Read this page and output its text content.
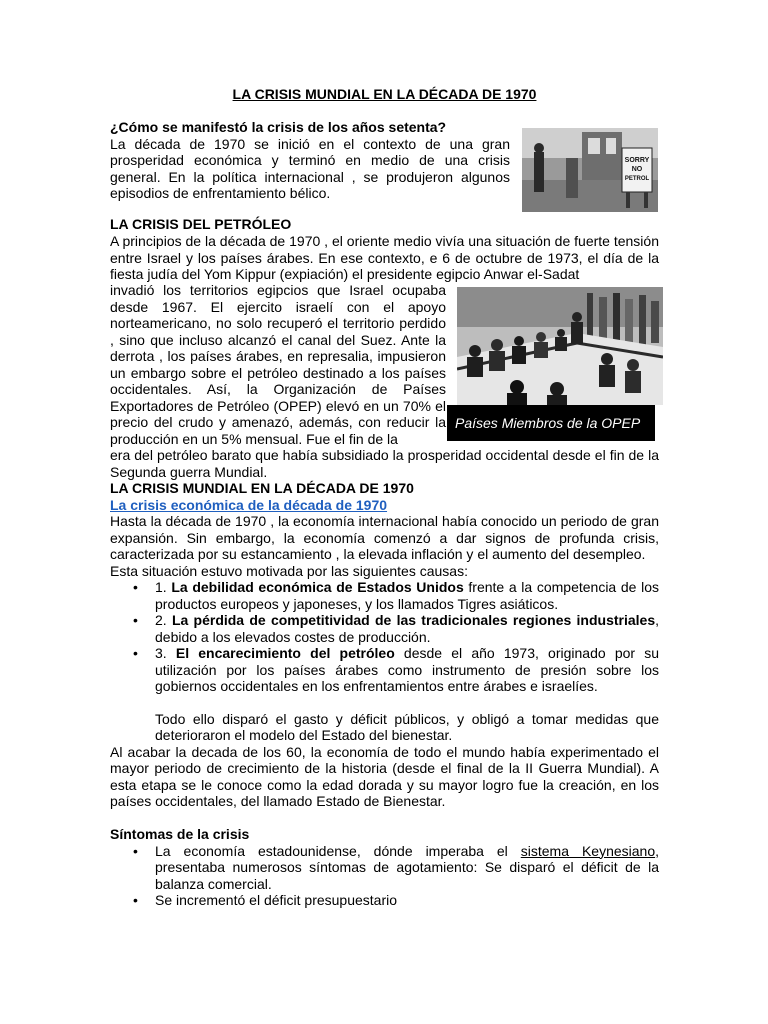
LA CRISIS MUNDIAL EN LA DÉCADA DE 1970

¿Cómo se manifestó la crisis de los años setenta?

La década de 1970 se inició en el contexto de una gran prosperidad económica y terminó en medio de una crisis general. En la política internacional , se produjeron algunos episodios de enfrentamiento bélico.

SORRY
NO
PETROL
LA CRISIS DEL PETRÓLEO

A principios de la década de 1970 , el oriente medio vivía una situación de fuerte tensión entre Israel y los países árabes. En ese contexto, e 6 de octubre de 1973, el día de la fiesta judía del Yom Kippur (expiación) el presidente egipcio Anwar el-Sadat

invadió los territorios egipcios que Israel ocupaba desde 1967. El ejercito israelí con el apoyo norteamericano, no solo recuperó el territorio perdido , sino que incluso alcanzó el canal del Suez. Ante la derrota , los países árabes, en represalia, impusieron un embargo sobre el petróleo destinado a los países occidentales. Así, la Organización de Países Exportadores de Petróleo (OPEP) elevó en un 70% el precio del crudo y amenazó, además, con reducir la producción en un 5% mensual. Fue el fin de la

Países Miembros de la OPEP

era del petróleo barato que había subsidiado la prosperidad occidental desde el fin de la Segunda guerra Mundial.

LA CRISIS MUNDIAL EN LA DÉCADA DE 1970
La crisis económica de la década de 1970

Hasta la década de 1970 , la economía internacional había conocido un periodo de gran expansión. Sin embargo, la economía comenzó a dar signos de profunda crisis, caracterizada por su estancamiento , la elevada inflación y el aumento del desempleo.

Esta situación estuvo motivada por las siguientes causas:

• 1. La debilidad económica de Estados Unidos frente a la competencia de los productos europeos y japoneses, y los llamados Tigres asiáticos.
• 2. La pérdida de competitividad de las tradicionales regiones industriales, debido a los elevados costes de producción.
• 3. El encarecimiento del petróleo desde el año 1973, originado por su utilización por los países árabes como instrumento de presión sobre los gobiernos occidentales en los enfrentamientos entre árabes e israelíes.

Todo ello disparó el gasto y déficit públicos, y obligó a tomar medidas que deterioraron el modelo del Estado del bienestar.

Al acabar la decada de los 60, la economía de todo el mundo había experimentado el mayor periodo de crecimiento de la historia (desde el final de la II Guerra Mundial). A esta etapa se le conoce como la edad dorada y su mayor logro fue la creación, en los países occidentales, del llamado Estado de Bienestar.

Síntomas de la crisis
• La economía estadounidense, dónde imperaba el sistema Keynesiano, presentaba numerosos síntomas de agotamiento: Se disparó el déficit de la balanza comercial.
• Se incrementó el déficit presupuestario
